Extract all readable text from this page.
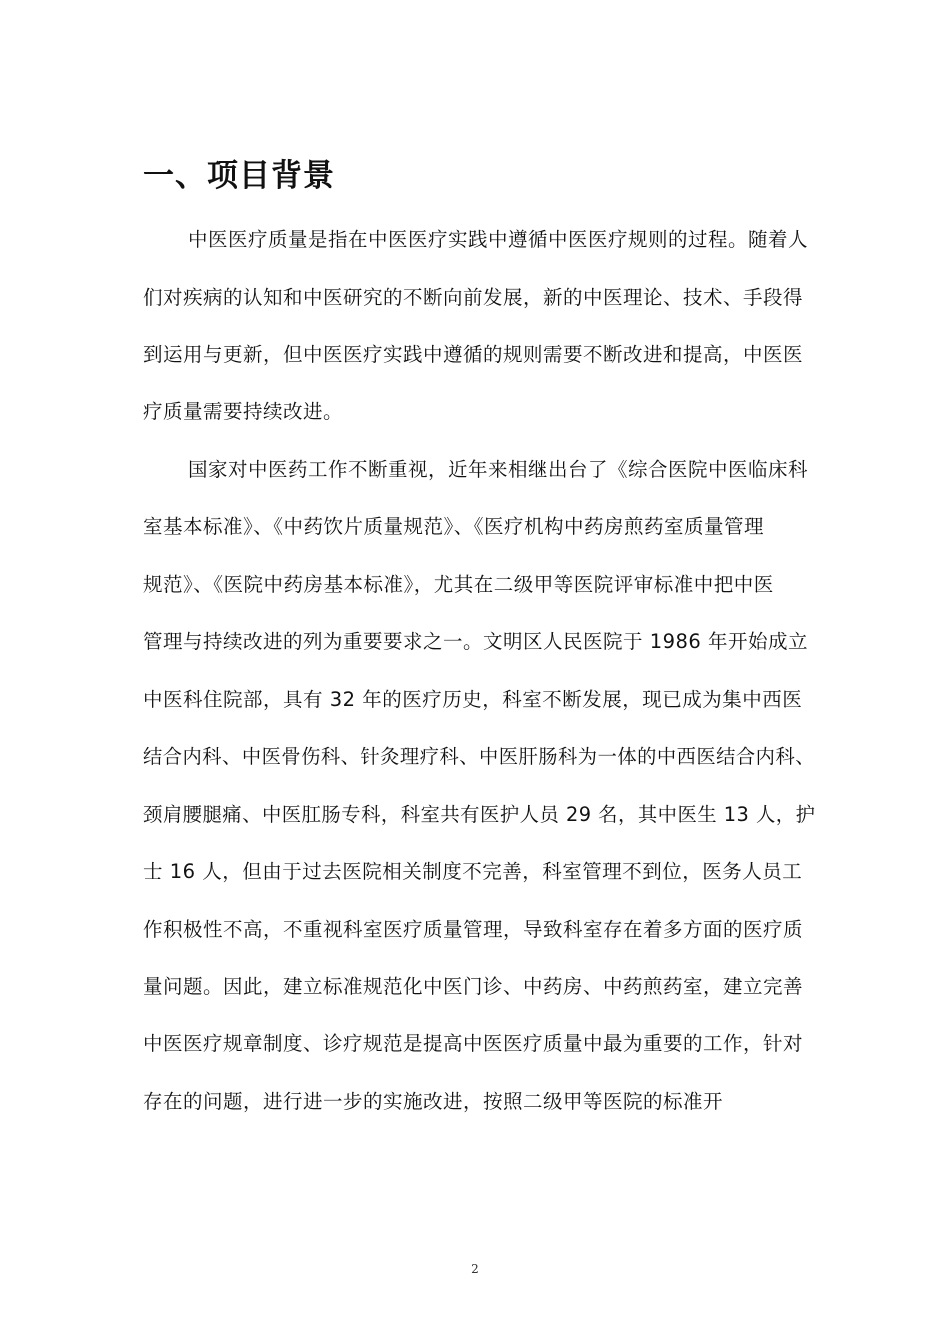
一、项目背景
中医医疗质量是指在中医医疗实践中遵循中医医疗规则的过程。随着人
们对疾病的认知和中医研究的不断向前发展，新的中医理论、技术、手段得
到运用与更新，但中医医疗实践中遵循的规则需要不断改进和提高，中医医
疗质量需要持续改进。
国家对中医药工作不断重视，近年来相继出台了《综合医院中医临床科
室基本标准》、《中药饮片质量规范》、《医疗机构中药房煎药室质量管理
规范》、《医院中药房基本标准》，尤其在二级甲等医院评审标准中把中医
管理与持续改进的列为重要要求之一。文明区人民医院于 1986 年开始成立
中医科住院部，具有 32 年的医疗历史，科室不断发展，现已成为集中西医
结合内科、中医骨伤科、针灸理疗科、中医肝肠科为一体的中西医结合内科、
颈肩腰腿痛、中医肛肠专科，科室共有医护人员 29 名，其中医生 13 人，护
士 16 人，但由于过去医院相关制度不完善，科室管理不到位，医务人员工
作积极性不高，不重视科室医疗质量管理，导致科室存在着多方面的医疗质
量问题。因此，建立标准规范化中医门诊、中药房、中药煎药室，建立完善
中医医疗规章制度、诊疗规范是提高中医医疗质量中最为重要的工作，针对
存在的问题，进行进一步的实施改进，按照二级甲等医院的标准开
2
